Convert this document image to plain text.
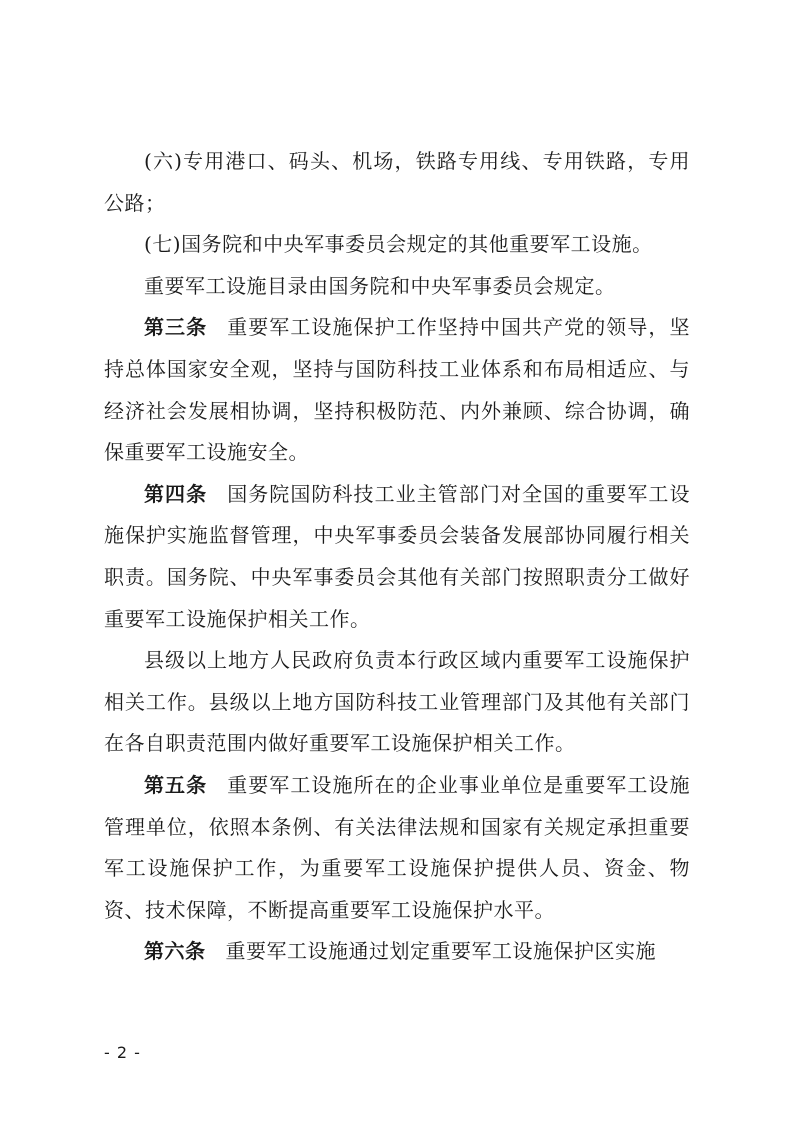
(六)专用港口、码头、机场，铁路专用线、专用铁路，专用公路；

(七)国务院和中央军事委员会规定的其他重要军工设施。

重要军工设施目录由国务院和中央军事委员会规定。

第三条 重要军工设施保护工作坚持中国共产党的领导，坚持总体国家安全观，坚持与国防科技工业体系和布局相适应、与经济社会发展相协调，坚持积极防范、内外兼顾、综合协调，确保重要军工设施安全。

第四条 国务院国防科技工业主管部门对全国的重要军工设施保护实施监督管理，中央军事委员会装备发展部协同履行相关职责。国务院、中央军事委员会其他有关部门按照职责分工做好重要军工设施保护相关工作。

县级以上地方人民政府负责本行政区域内重要军工设施保护相关工作。县级以上地方国防科技工业管理部门及其他有关部门在各自职责范围内做好重要军工设施保护相关工作。

第五条 重要军工设施所在的企业事业单位是重要军工设施管理单位，依照本条例、有关法律法规和国家有关规定承担重要军工设施保护工作，为重要军工设施保护提供人员、资金、物资、技术保障，不断提高重要军工设施保护水平。

第六条 重要军工设施通过划定重要军工设施保护区实施

- 2 -
